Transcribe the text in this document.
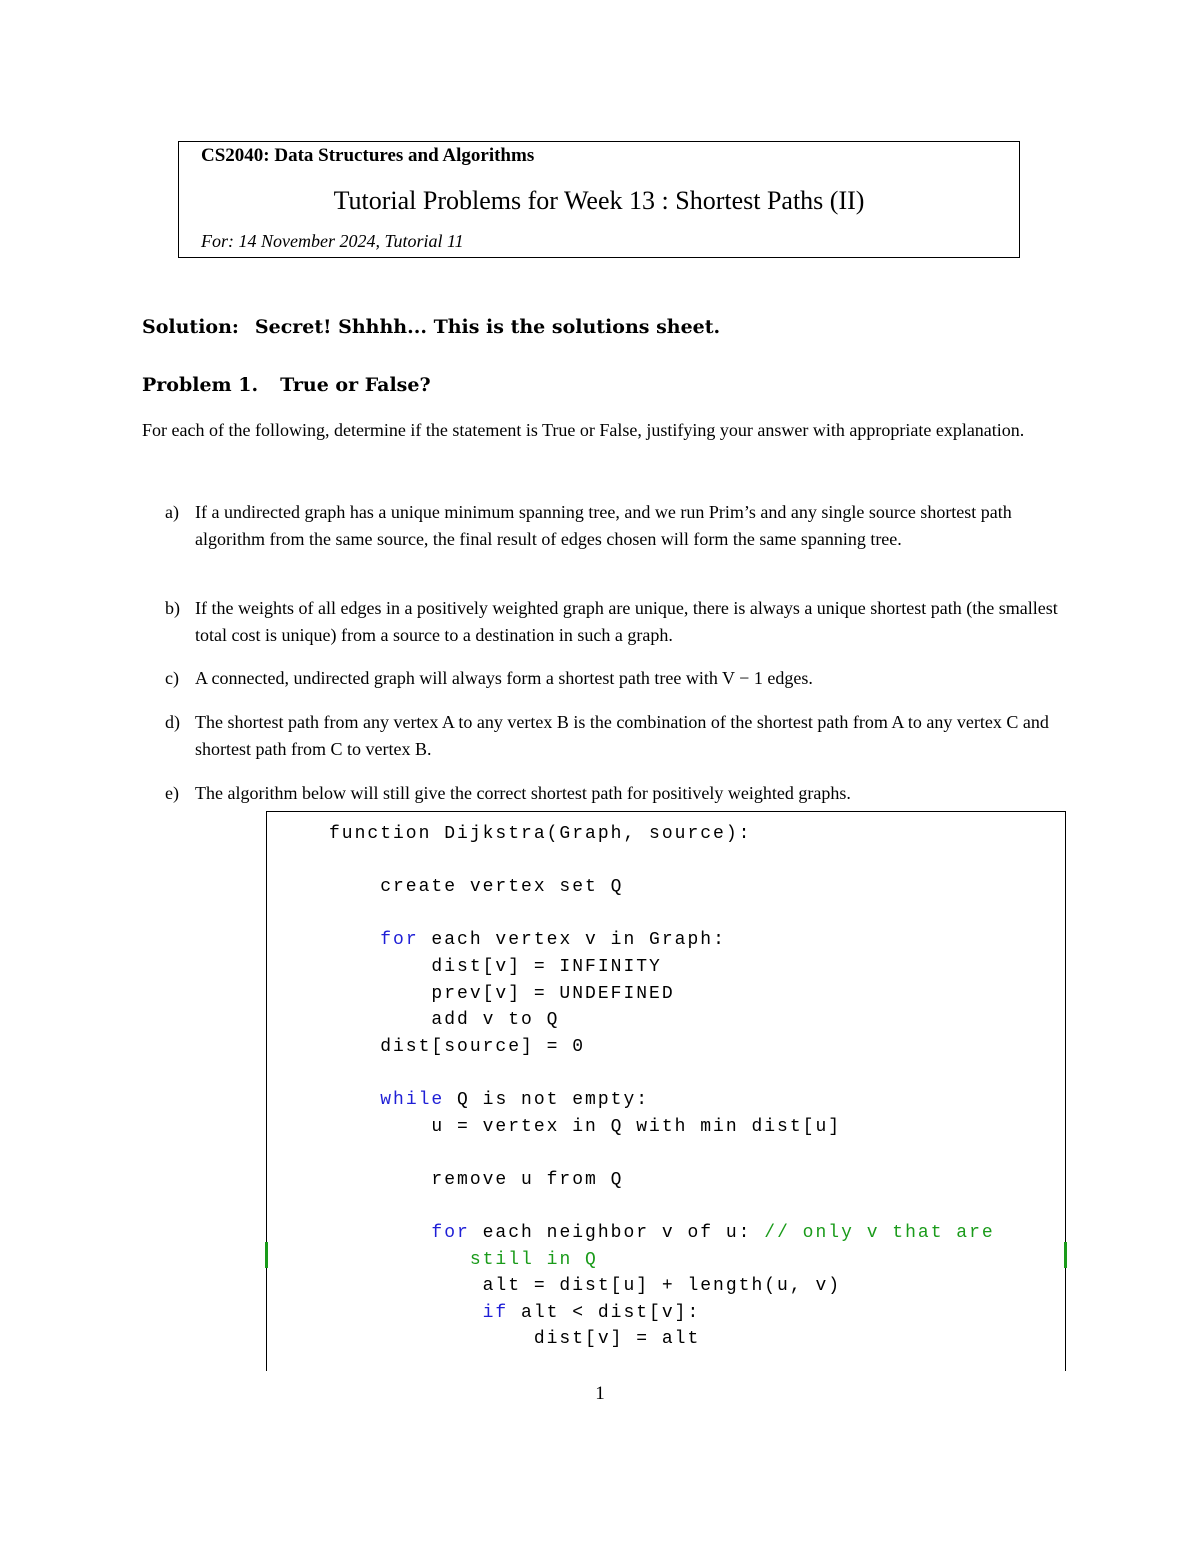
CS2040: Data Structures and Algorithms
Tutorial Problems for Week 13 : Shortest Paths (II)
For: 14 November 2024, Tutorial 11
Solution: Secret! Shhhh... This is the solutions sheet.
Problem 1. True or False?
For each of the following, determine if the statement is True or False, justifying your answer with appropriate explanation.
a) If a undirected graph has a unique minimum spanning tree, and we run Prim’s and any single source shortest path algorithm from the same source, the final result of edges chosen will form the same spanning tree.
b) If the weights of all edges in a positively weighted graph are unique, there is always a unique shortest path (the smallest total cost is unique) from a source to a destination in such a graph.
c) A connected, undirected graph will always form a shortest path tree with V − 1 edges.
d) The shortest path from any vertex A to any vertex B is the combination of the shortest path from A to any vertex C and shortest path from C to vertex B.
e) The algorithm below will still give the correct shortest path for positively weighted graphs.
function Dijkstra(Graph, source):

create vertex set Q

for each vertex v in Graph:
dist[v] = INFINITY
prev[v] = UNDEFINED
add v to Q
dist[source] = 0

while Q is not empty:
u = vertex in Q with min dist[u]

remove u from Q

for each neighbor v of u: // only v that are
still in Q
alt = dist[u] + length(u, v)
if alt < dist[v]:
dist[v] = alt
1
